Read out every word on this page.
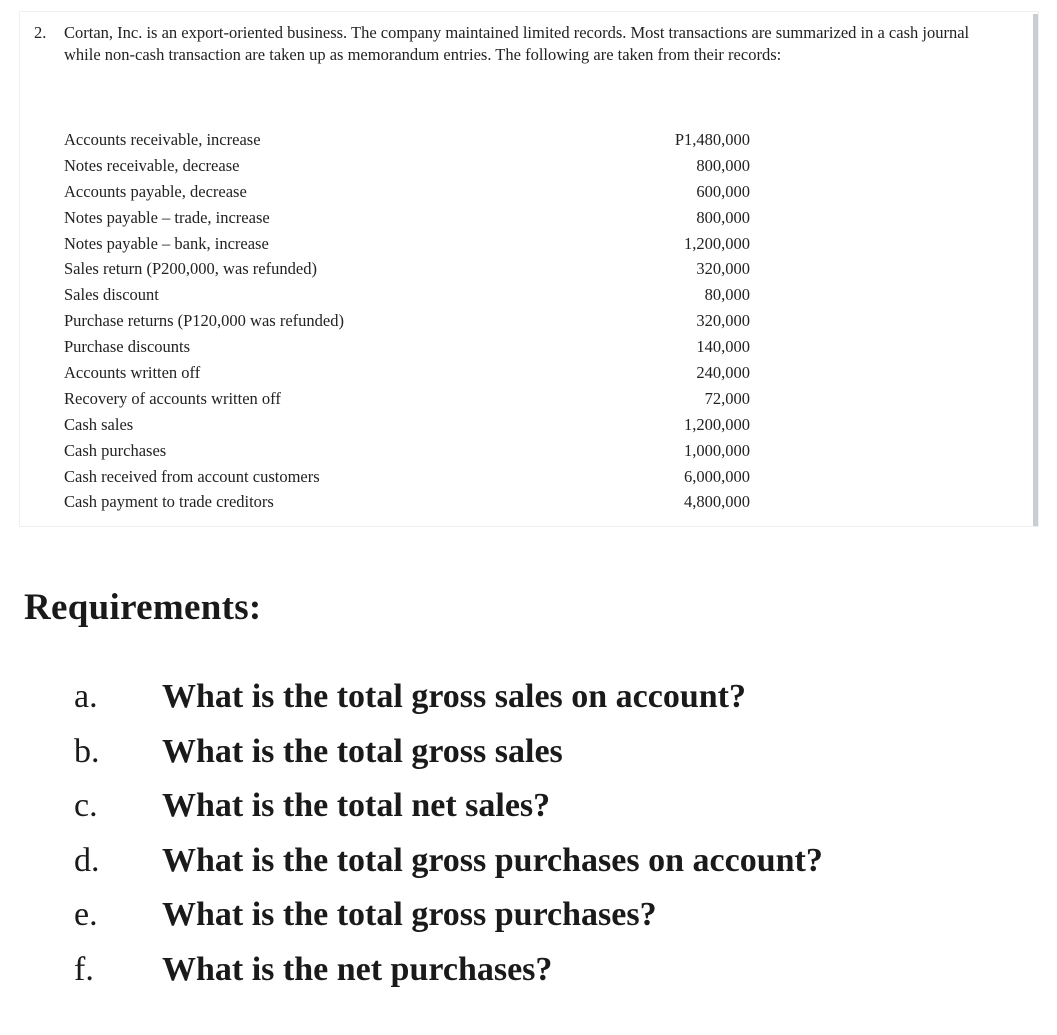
2. Cortan, Inc. is an export-oriented business. The company maintained limited records. Most transactions are summarized in a cash journal while non-cash transaction are taken up as memorandum entries. The following are taken from their records:
Accounts receivable, increase	P1,480,000
Notes receivable, decrease	800,000
Accounts payable, decrease	600,000
Notes payable – trade, increase	800,000
Notes payable – bank, increase	1,200,000
Sales return (P200,000, was refunded)	320,000
Sales discount	80,000
Purchase returns (P120,000 was refunded)	320,000
Purchase discounts	140,000
Accounts written off	240,000
Recovery of accounts written off	72,000
Cash sales	1,200,000
Cash purchases	1,000,000
Cash received from account customers	6,000,000
Cash payment to trade creditors	4,800,000
Requirements:
a.	What is the total gross sales on account?
b.	What is the total gross sales
c.	What is the total net sales?
d.	What is the total gross purchases on account?
e.	What is the total gross purchases?
f.	What is the net purchases?
